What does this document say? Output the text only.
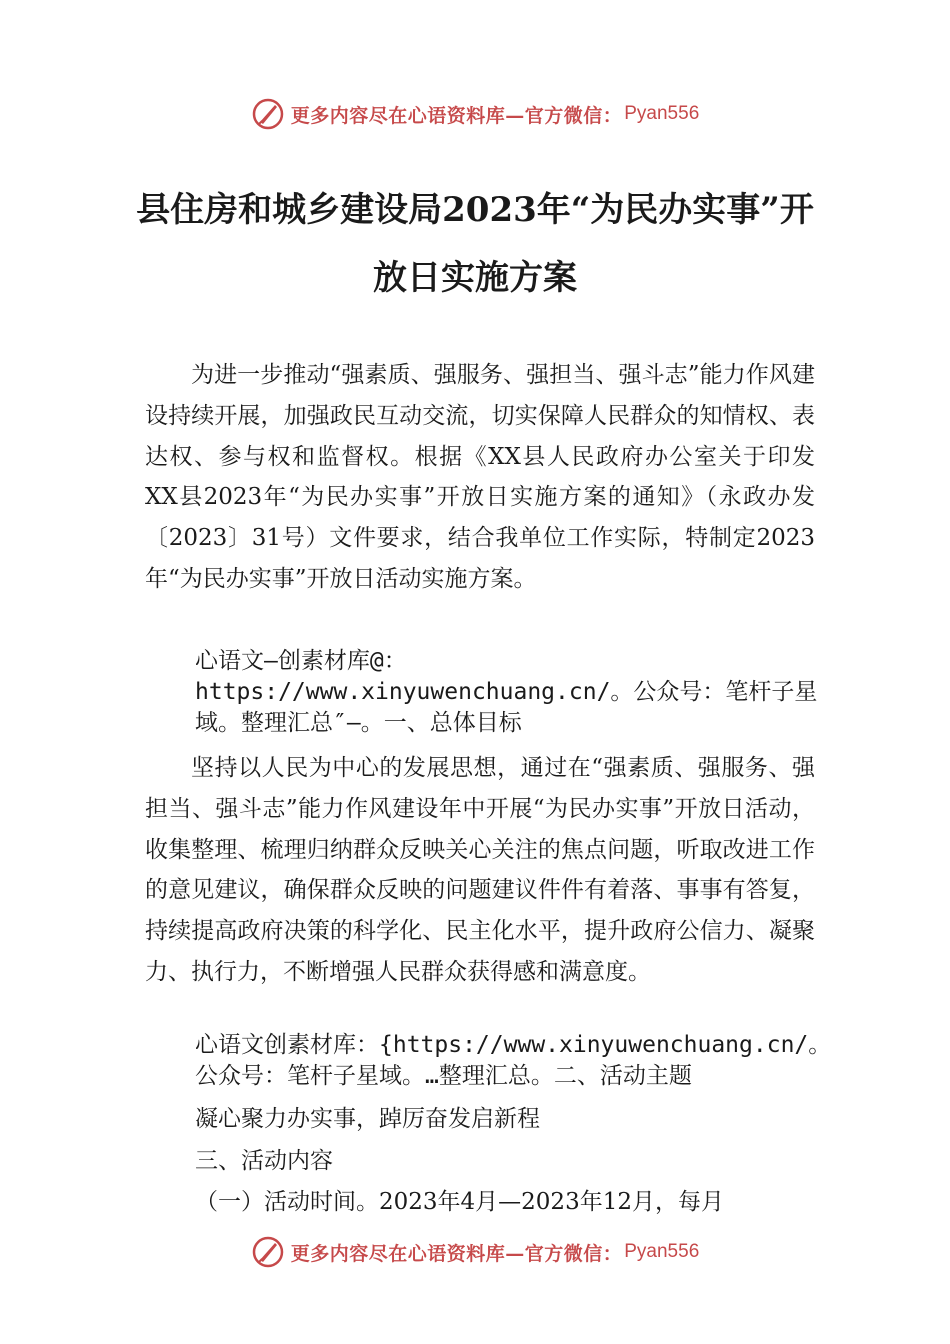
更多内容尽在心语资料库—官方微信： Pyan556
县住房和城乡建设局2023年“为民办实事”开放日实施方案
为进一步推动“强素质、强服务、强担当、强斗志”能力作风建设持续开展，加强政民互动交流，切实保障人民群众的知情权、表达权、参与权和监督权。根据《XX县人民政府办公室关于印发 XX县2023年“为民办实事”开放日实施方案的通知》（永政办发〔2023〕31号）文件要求，结合我单位工作实际，特制定2023年“为民办实事”开放日活动实施方案。
心语文—创素材库@：https://www.xinyuwenchuang.cn/。公众号：笔杆子星域。整理汇总″—。一、总体目标
坚持以人民为中心的发展思想，通过在“强素质、强服务、强担当、强斗志”能力作风建设年中开展“为民办实事”开放日活动，收集整理、梳理归纳群众反映关心关注的焦点问题，听取改进工作的意见建议，确保群众反映的问题建议件件有着落、事事有答复，持续提高政府决策的科学化、民主化水平，提升政府公信力、凝聚力、执行力，不断增强人民群众获得感和满意度。
心语文创素材库：{https://www.xinyuwenchuang.cn/。公众号：笔杆子星域。…整理汇总。二、活动主题
凝心聚力办实事，踔厉奋发启新程
三、活动内容
（一）活动时间。2023年4月—2023年12月，每月
更多内容尽在心语资料库—官方微信： Pyan556
